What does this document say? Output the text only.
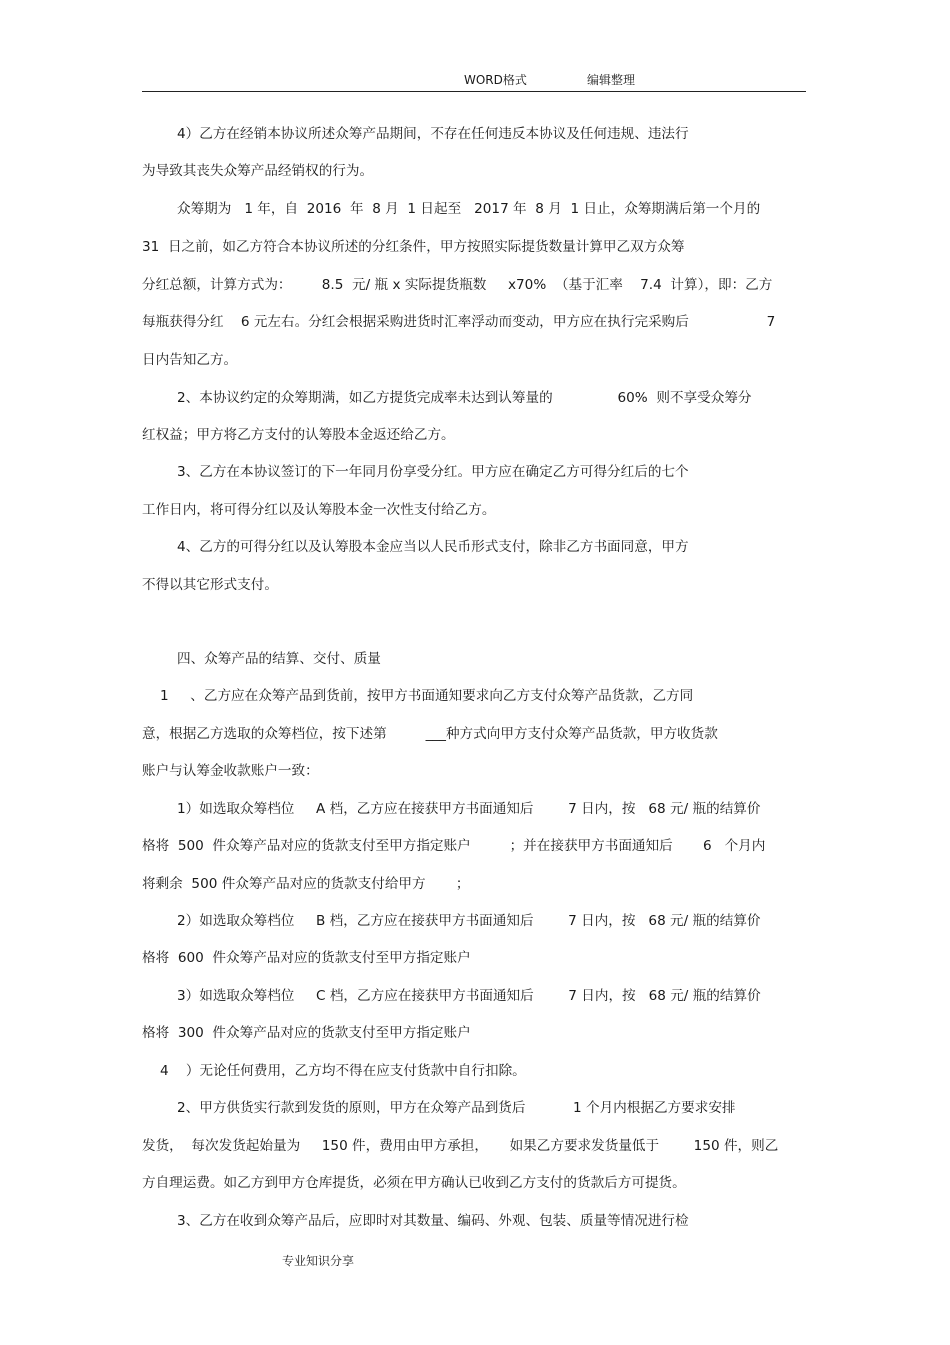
WORD格式	编辑整理
4）乙方在经销本协议所述众筹产品期间，不存在任何违反本协议及任何违规、违法行
为导致其丧失众筹产品经销权的行为。
众筹期为   1 年，自  2016  年  8 月  1 日起至   2017 年  8 月  1 日止，众筹期满后第一个月的
31  日之前，如乙方符合本协议所述的分红条件，甲方按照实际提货数量计算甲乙双方众筹
分红总额，计算方式为：       8.5  元/ 瓶 x 实际提货瓶数     x70%  （基于汇率    7.4  计算），即：乙方
每瓶获得分红    6 元左右。分红会根据采购进货时汇率浮动而变动，甲方应在执行完采购后                  7
日内告知乙方。
2、本协议约定的众筹期满，如乙方提货完成率未达到认筹量的               60%  则不享受众筹分
红权益；甲方将乙方支付的认筹股本金返还给乙方。
3、乙方在本协议签订的下一年同月份享受分红。甲方应在确定乙方可得分红后的七个
工作日内，将可得分红以及认筹股本金一次性支付给乙方。
4、乙方的可得分红以及认筹股本金应当以人民币形式支付，除非乙方书面同意，甲方
不得以其它形式支付。
四、众筹产品的结算、交付、质量
1     、乙方应在众筹产品到货前，按甲方书面通知要求向乙方支付众筹产品货款，乙方同
意，根据乙方选取的众筹档位，按下述第         ___种方式向甲方支付众筹产品货款，甲方收货款
账户与认筹金收款账户一致：
1）如选取众筹档位     A 档，乙方应在接获甲方书面通知后        7 日内，按   68 元/ 瓶的结算价
格将  500  件众筹产品对应的货款支付至甲方指定账户         ；并在接获甲方书面通知后       6   个月内
将剩余  500 件众筹产品对应的货款支付给甲方       ；
2）如选取众筹档位     B 档，乙方应在接获甲方书面通知后        7 日内，按   68 元/ 瓶的结算价
格将  600  件众筹产品对应的货款支付至甲方指定账户
3）如选取众筹档位     C 档，乙方应在接获甲方书面通知后        7 日内，按   68 元/ 瓶的结算价
格将  300  件众筹产品对应的货款支付至甲方指定账户
4    ）无论任何费用，乙方均不得在应支付货款中自行扣除。
2、甲方供货实行款到发货的原则，甲方在众筹产品到货后           1 个月内根据乙方要求安排
发货，  每次发货起始量为     150 件，费用由甲方承担，     如果乙方要求发货量低于        150 件，则乙
方自理运费。如乙方到甲方仓库提货，必须在甲方确认已收到乙方支付的货款后方可提货。
3、乙方在收到众筹产品后，应即时对其数量、编码、外观、包装、质量等情况进行检
专业知识分享
